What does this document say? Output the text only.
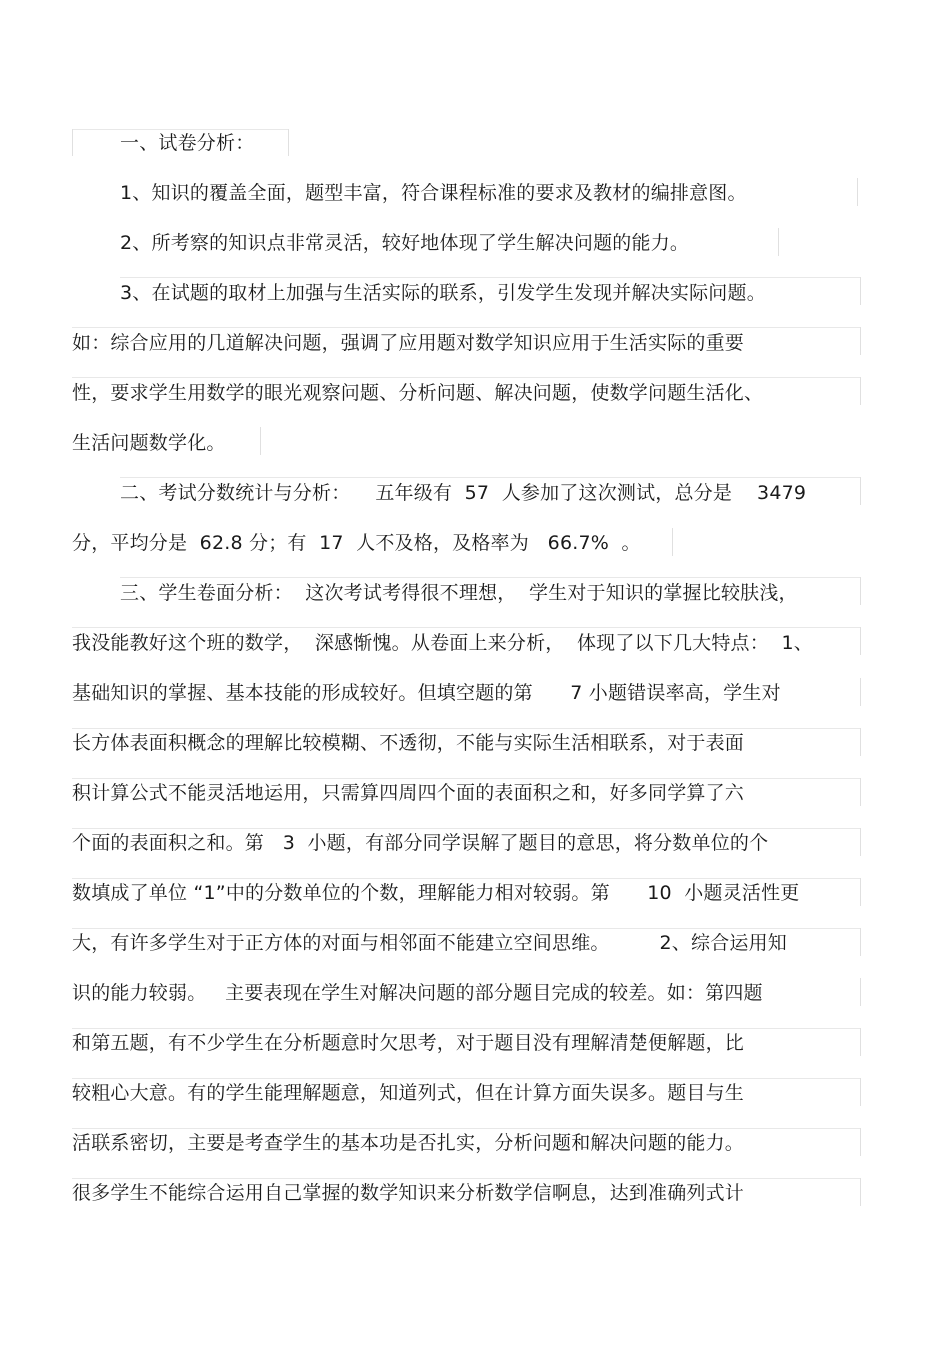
一、试卷分析：
1、知识的覆盖全面，题型丰富，符合课程标准的要求及教材的编排意图。
2、所考察的知识点非常灵活，较好地体现了学生解决问题的能力。
3、在试题的取材上加强与生活实际的联系，引发学生发现并解决实际问题。
如：综合应用的几道解决问题，强调了应用题对数学知识应用于生活实际的重要
性，要求学生用数学的眼光观察问题、分析问题、解决问题，使数学问题生活化、
生活问题数学化。
二、考试分数统计与分析：    五年级有  57  人参加了这次测试，总分是    3479
分，平均分是  62.8 分；有  17  人不及格，及格率为   66.7%  。
三、学生卷面分析：  这次考试考得很不理想，  学生对于知识的掌握比较肤浅，
我没能教好这个班的数学，  深感惭愧。从卷面上来分析，  体现了以下几大特点：  1、
基础知识的掌握、基本技能的形成较好。但填空题的第      7 小题错误率高，学生对
长方体表面积概念的理解比较模糊、不透彻，不能与实际生活相联系，对于表面
积计算公式不能灵活地运用，只需算四周四个面的表面积之和，好多同学算了六
个面的表面积之和。第   3  小题，有部分同学误解了题目的意思，将分数单位的个
数填成了单位 “1”中的分数单位的个数，理解能力相对较弱。第      10  小题灵活性更
大，有许多学生对于正方体的对面与相邻面不能建立空间思维。        2、综合运用知
识的能力较弱。   主要表现在学生对解决问题的部分题目完成的较差。如：第四题
和第五题，有不少学生在分析题意时欠思考，对于题目没有理解清楚便解题，比
较粗心大意。有的学生能理解题意，知道列式，但在计算方面失误多。题目与生
活联系密切，主要是考查学生的基本功是否扎实，分析问题和解决问题的能力。
很多学生不能综合运用自己掌握的数学知识来分析数学信啊息，达到准确列式计
